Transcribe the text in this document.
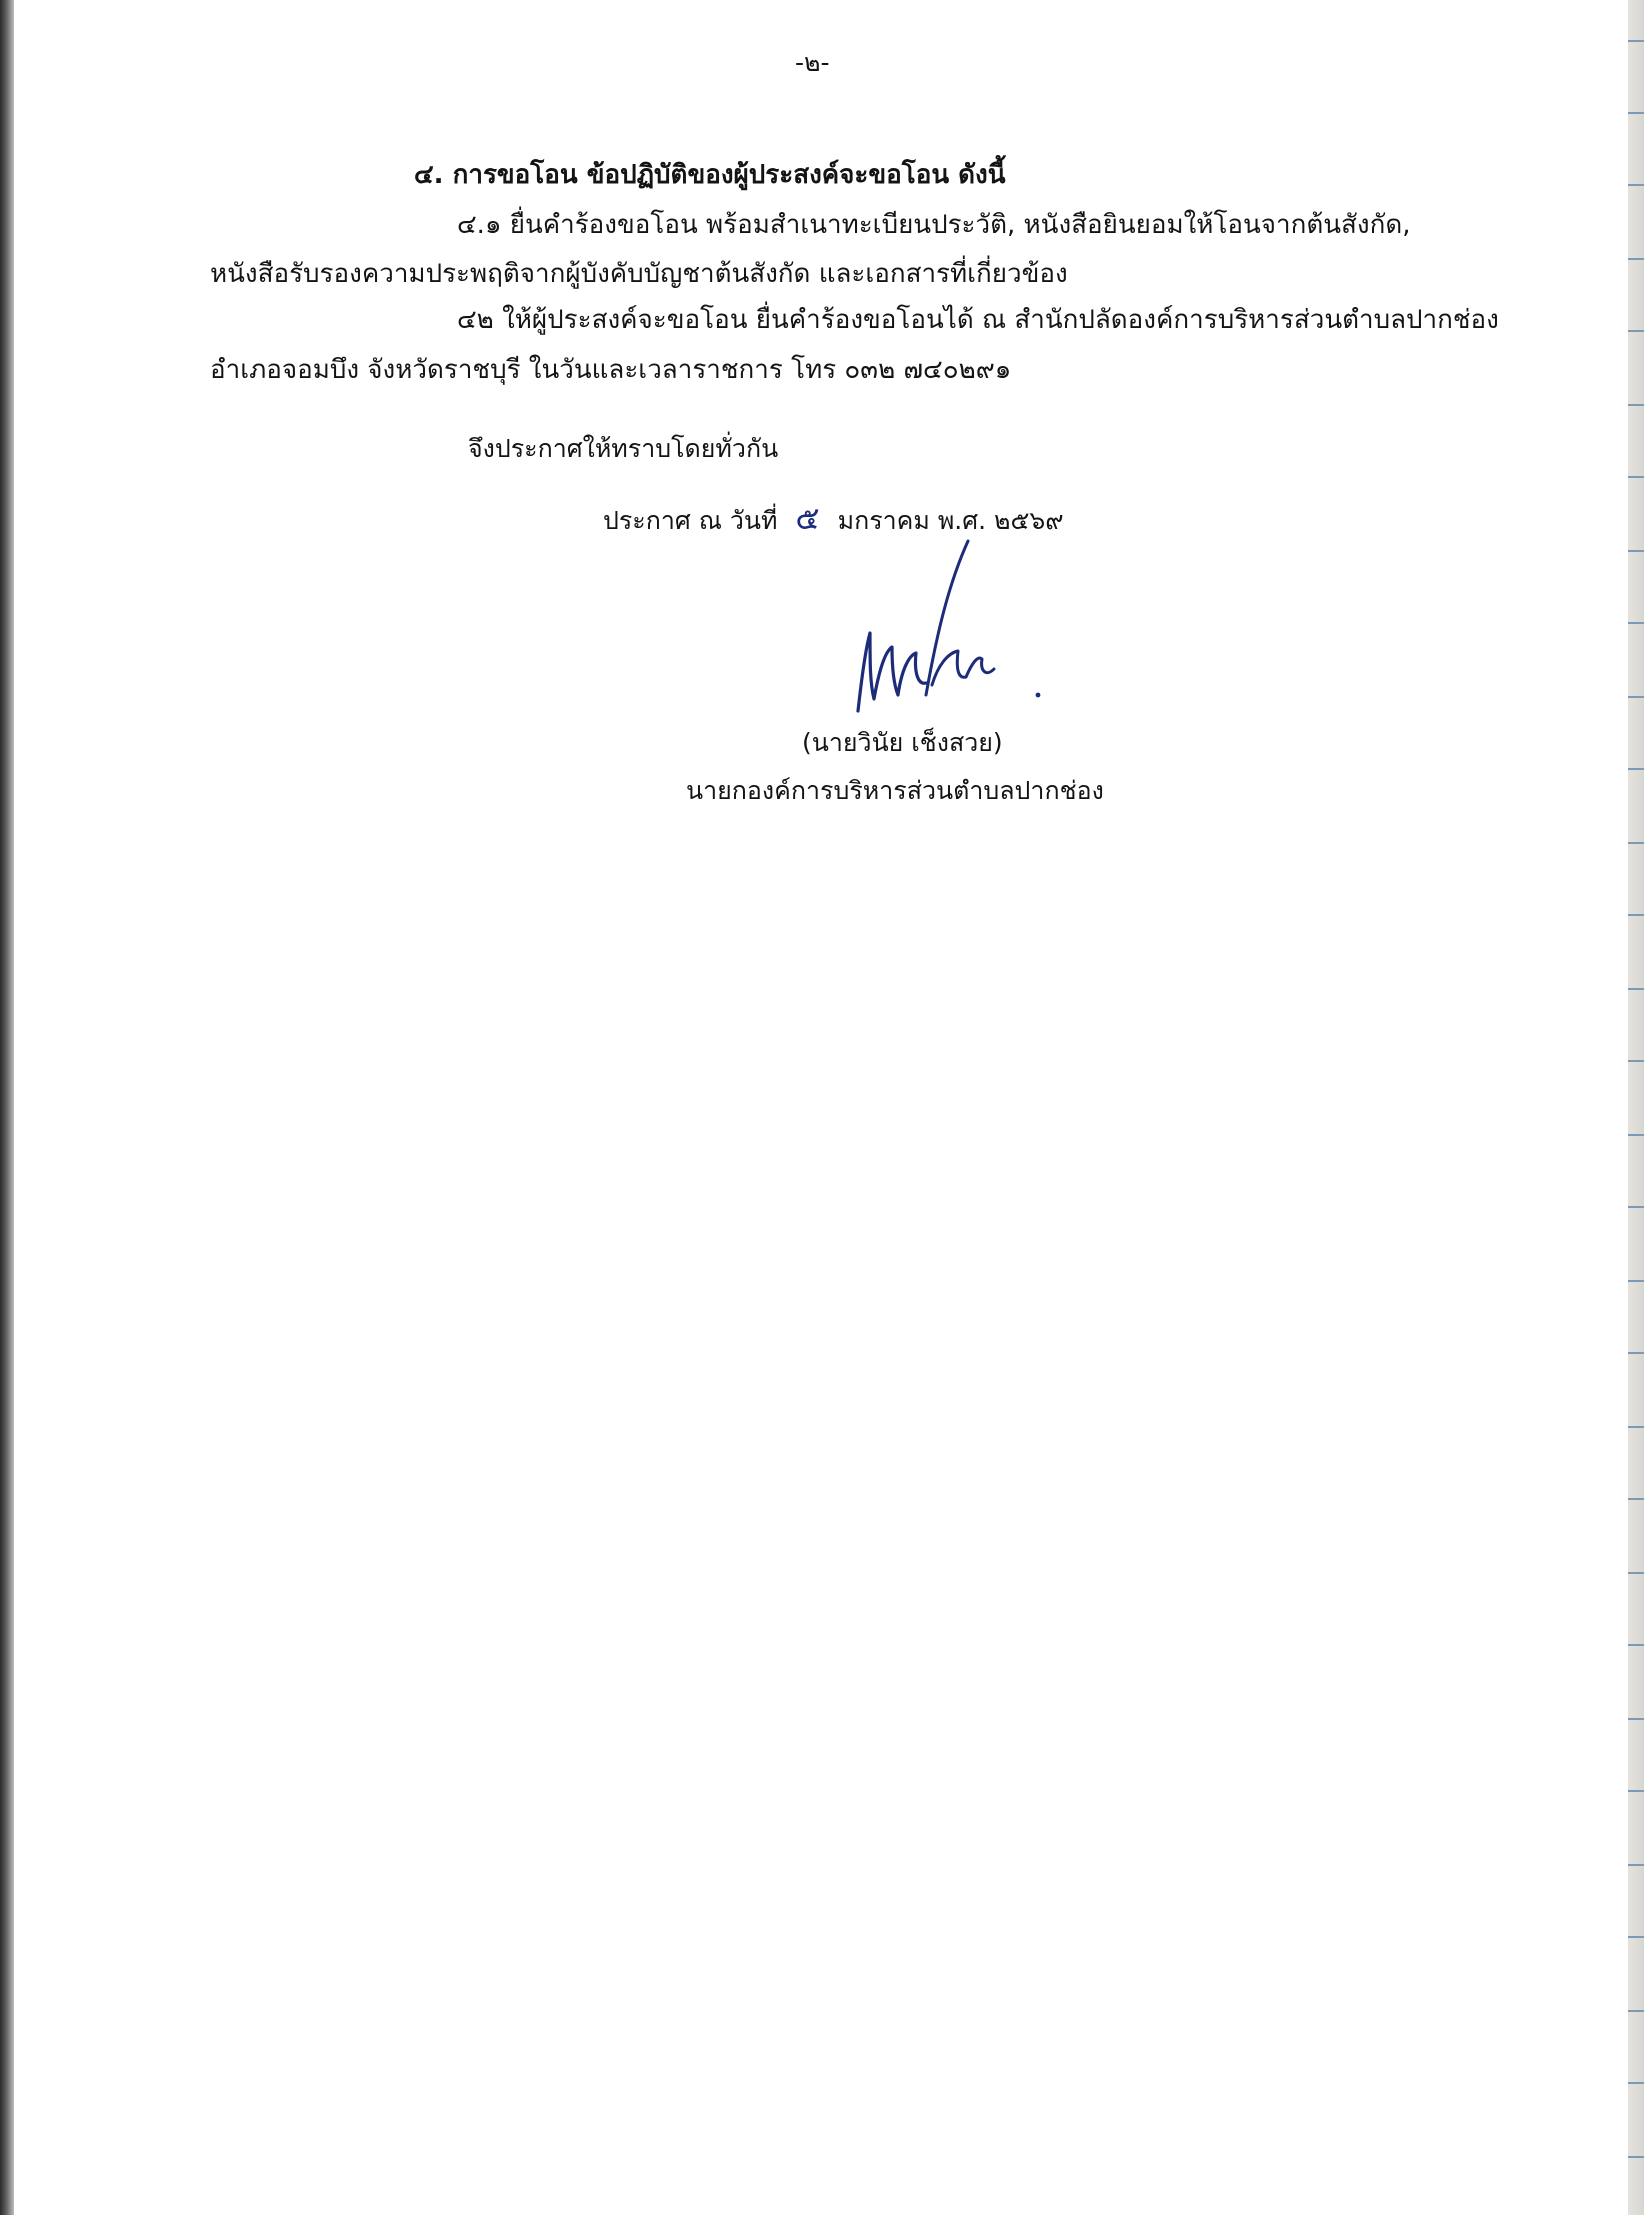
-๒-
๔. การขอโอน ข้อปฏิบัติของผู้ประสงค์จะขอโอน ดังนี้
๔.๑ ยื่นคำร้องขอโอน พร้อมสำเนาทะเบียนประวัติ, หนังสือยินยอมให้โอนจากต้นสังกัด,
หนังสือรับรองความประพฤติจากผู้บังคับบัญชาต้นสังกัด และเอกสารที่เกี่ยวข้อง
๔๒ ให้ผู้ประสงค์จะขอโอน ยื่นคำร้องขอโอนได้ ณ สำนักปลัดองค์การบริหารส่วนตำบลปากช่อง
อำเภอจอมบึง จังหวัดราชบุรี ในวันและเวลาราชการ โทร ๐๓๒ ๗๔๐๒๙๑
จึงประกาศให้ทราบโดยทั่วกัน
ประกาศ ณ วันที่ ๕ มกราคม พ.ศ. ๒๕๖๙
(นายวินัย เช็งสวย)
นายกองค์การบริหารส่วนตำบลปากช่อง
